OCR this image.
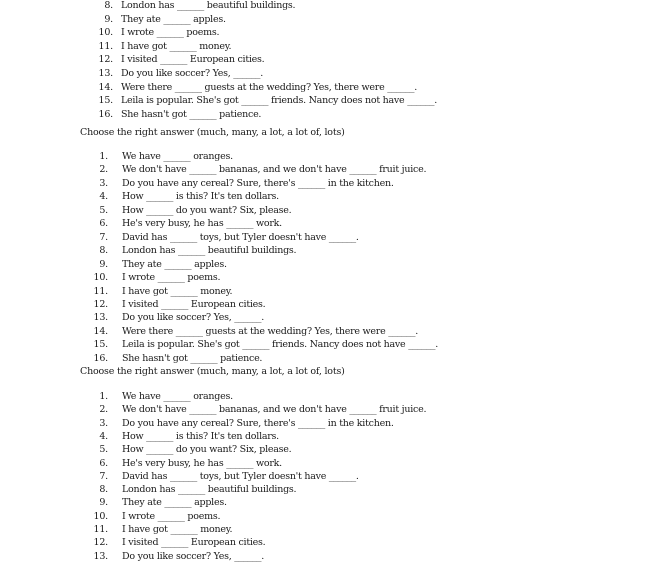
8. London has ______ beautiful buildings.
9. They ate ______ apples.
10. I wrote ______ poems.
11. I have got ______ money.
12. I visited ______ European cities.
13. Do you like soccer? Yes, ______.
14. Were there ______ guests at the wedding? Yes, there were ______.
15. Leila is popular. She's got ______ friends. Nancy does not have ______.
16. She hasn't got ______ patience.
Choose the right answer (much, many, a lot, a lot of, lots)
1. We have ______ oranges.
2. We don't have ______ bananas, and we don't have ______ fruit juice.
3. Do you have any cereal? Sure, there's ______ in the kitchen.
4. How ______ is this? It's ten dollars.
5. How ______ do you want? Six, please.
6. He's very busy, he has ______ work.
7. David has ______ toys, but Tyler doesn't have ______.
8. London has ______ beautiful buildings.
9. They ate ______ apples.
10. I wrote ______ poems.
11. I have got ______ money.
12. I visited ______ European cities.
13. Do you like soccer? Yes, ______.
14. Were there ______ guests at the wedding? Yes, there were ______.
15. Leila is popular. She's got ______ friends. Nancy does not have ______.
16. She hasn't got ______ patience.
Choose the right answer (much, many, a lot, a lot of, lots)
1. We have ______ oranges.
2. We don't have ______ bananas, and we don't have ______ fruit juice.
3. Do you have any cereal? Sure, there's ______ in the kitchen.
4. How ______ is this? It's ten dollars.
5. How ______ do you want? Six, please.
6. He's very busy, he has ______ work.
7. David has ______ toys, but Tyler doesn't have ______.
8. London has ______ beautiful buildings.
9. They ate ______ apples.
10. I wrote ______ poems.
11. I have got ______ money.
12. I visited ______ European cities.
13. Do you like soccer? Yes, ______.
